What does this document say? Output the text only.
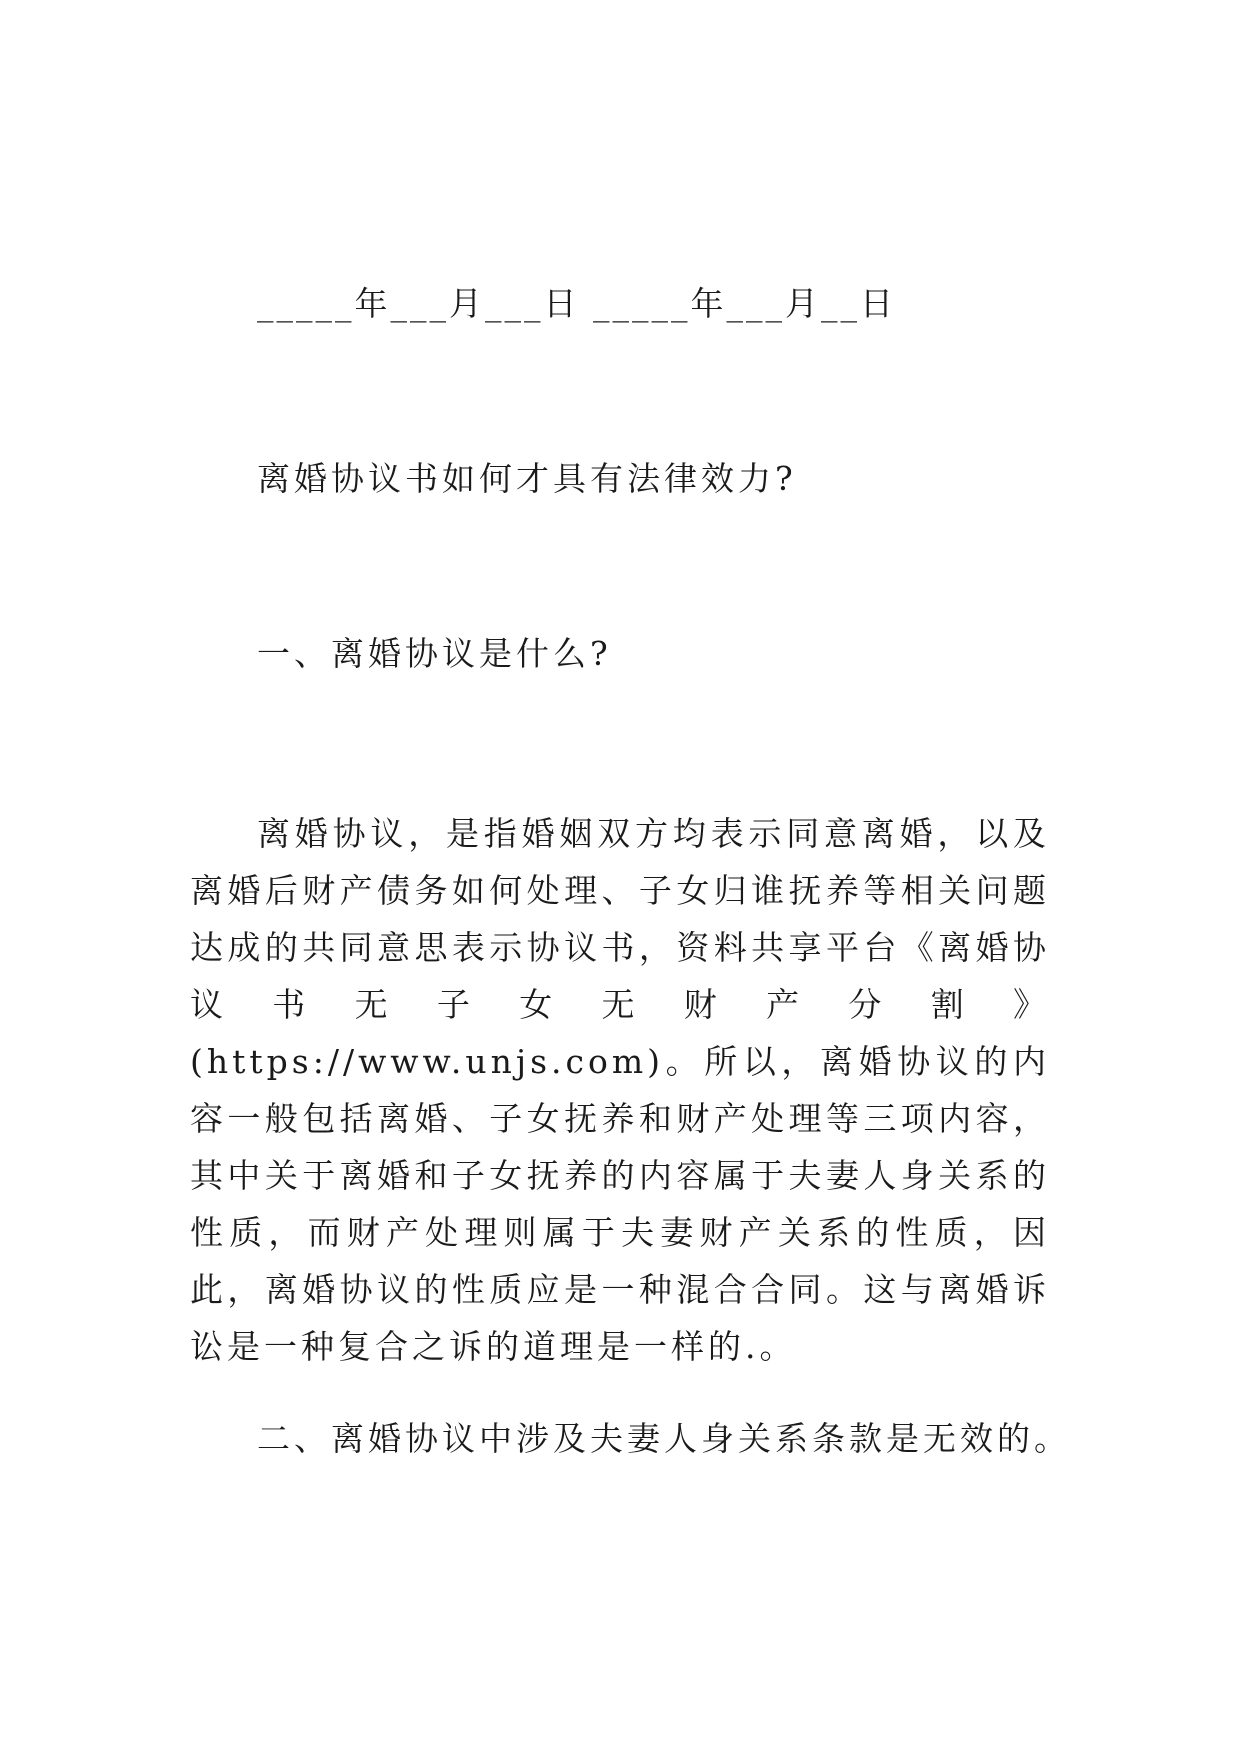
_____年___月___日 _____年___月__日
离婚协议书如何才具有法律效力?
一、离婚协议是什么?
离婚协议，是指婚姻双方均表示同意离婚，以及离婚后财产债务如何处理、子女归谁抚养等相关问题达成的共同意思表示协议书，资料共享平台《离婚协议书无子女无财产分割》(https://www.unjs.com)。所以，离婚协议的内容一般包括离婚、子女抚养和财产处理等三项内容，其中关于离婚和子女抚养的内容属于夫妻人身关系的性质，而财产处理则属于夫妻财产关系的性质，因此，离婚协议的性质应是一种混合合同。这与离婚诉讼是一种复合之诉的道理是一样的.。
二、离婚协议中涉及夫妻人身关系条款是无效的。
